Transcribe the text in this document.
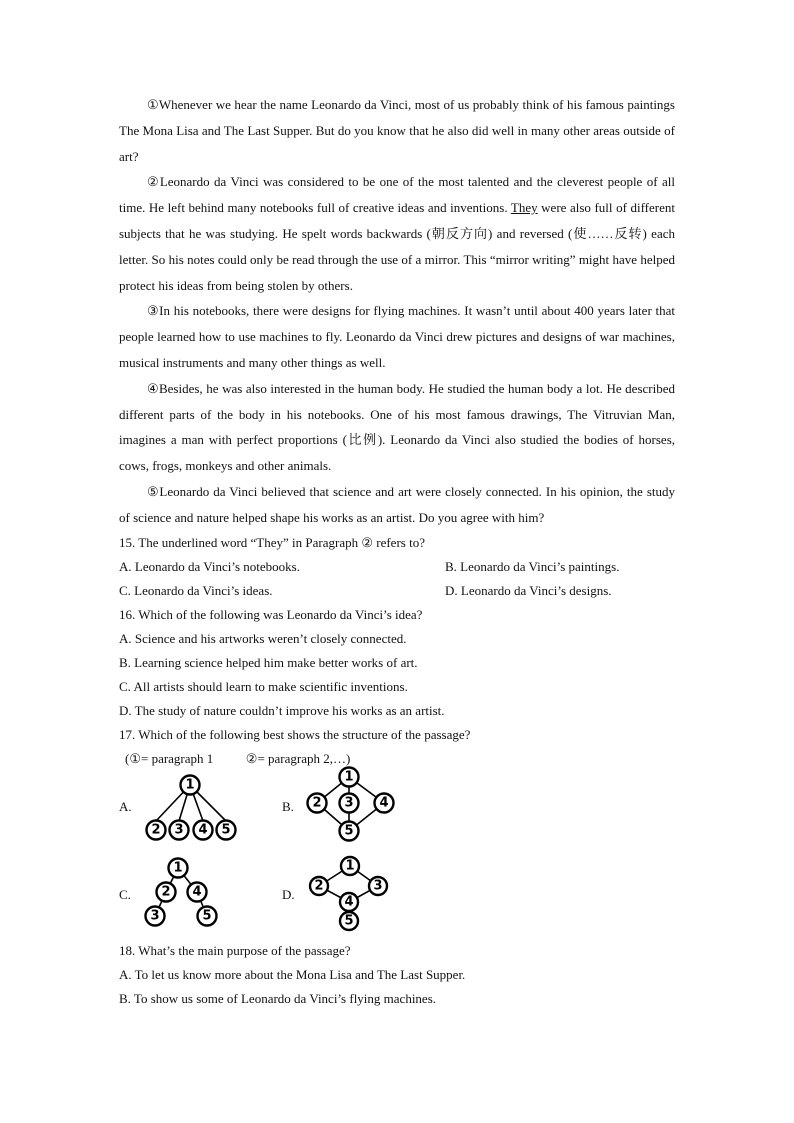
①Whenever we hear the name Leonardo da Vinci, most of us probably think of his famous paintings The Mona Lisa and The Last Supper. But do you know that he also did well in many other areas outside of art?

②Leonardo da Vinci was considered to be one of the most talented and the cleverest people of all time. He left behind many notebooks full of creative ideas and inventions. They were also full of different subjects that he was studying. He spelt words backwards (朝反方向) and reversed (使……反转) each letter. So his notes could only be read through the use of a mirror. This “mirror writing” might have helped protect his ideas from being stolen by others.

③In his notebooks, there were designs for flying machines. It wasn’t until about 400 years later that people learned how to use machines to fly. Leonardo da Vinci drew pictures and designs of war machines, musical instruments and many other things as well.

④Besides, he was also interested in the human body. He studied the human body a lot. He described different parts of the body in his notebooks. One of his most famous drawings, The Vitruvian Man, imagines a man with perfect proportions (比例). Leonardo da Vinci also studied the bodies of horses, cows, frogs, monkeys and other animals.

⑤Leonardo da Vinci believed that science and art were closely connected. In his opinion, the study of science and nature helped shape his works as an artist. Do you agree with him?

15. The underlined word “They” in Paragraph ② refers to?

A. Leonardo da Vinci’s notebooks.	B. Leonardo da Vinci’s paintings.
C. Leonardo da Vinci’s ideas.	D. Leonardo da Vinci’s designs.

16. Which of the following was Leonardo da Vinci’s idea?

A. Science and his artworks weren’t closely connected.

B. Learning science helped him make better works of art.

C. All artists should learn to make scientific inventions.

D. The study of nature couldn’t improve his works as an artist.

17. Which of the following best shows the structure of the passage?

(①= paragraph 1          ②= paragraph 2,…)

A.
1
2 3 4 5
B.
1
2 3 4
5
C.
1
2 4
3	5
D.
1
2	3
4
5

18. What’s the main purpose of the passage?

A. To let us know more about the Mona Lisa and The Last Supper.

B. To show us some of Leonardo da Vinci’s flying machines.
